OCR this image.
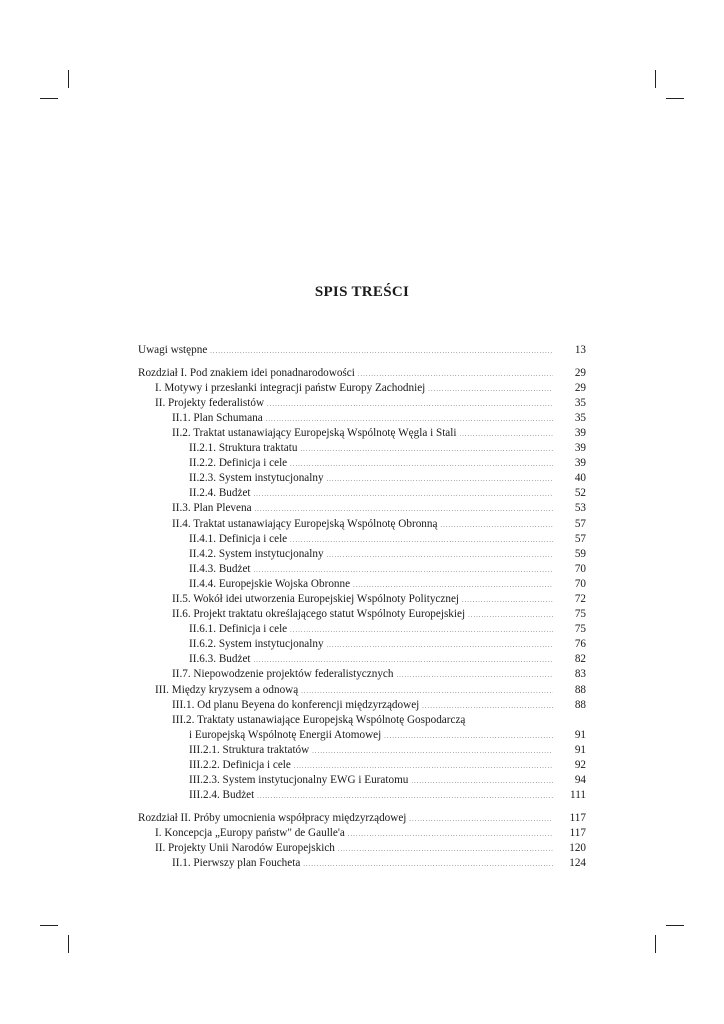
SPIS TREŚCI
Uwagi wstępne .....	13
Rozdział I. Pod znakiem idei ponadnarodowości .....	29
I. Motywy i przesłanki integracji państw Europy Zachodniej .....	29
II. Projekty federalistów .....	35
II.1. Plan Schumana .....	35
II.2. Traktat ustanawiający Europejską Wspólnotę Węgla i Stali .....	39
II.2.1. Struktura traktatu .....	39
II.2.2. Definicja i cele .....	39
II.2.3. System instytucjonalny .....	40
II.2.4. Budżet .....	52
II.3. Plan Plevena .....	53
II.4. Traktat ustanawiający Europejską Wspólnotę Obronną .....	57
II.4.1. Definicja i cele .....	57
II.4.2. System instytucjonalny .....	59
II.4.3. Budżet .....	70
II.4.4. Europejskie Wojska Obronne .....	70
II.5. Wokół idei utworzenia Europejskiej Wspólnoty Politycznej .....	72
II.6. Projekt traktatu określającego statut Wspólnoty Europejskiej .....	75
II.6.1. Definicja i cele .....	75
II.6.2. System instytucjonalny .....	76
II.6.3. Budżet .....	82
II.7. Niepowodzenie projektów federalistycznych .....	83
III. Między kryzysem a odnową .....	88
III.1. Od planu Beyena do konferencji międzyrządowej .....	88
III.2. Traktaty ustanawiające Europejską Wspólnotę Gospodarczą
i Europejską Wspólnotę Energii Atomowej .....	91
III.2.1. Struktura traktatów .....	91
III.2.2. Definicja i cele .....	92
III.2.3. System instytucjonalny EWG i Euratomu .....	94
III.2.4. Budżet .....	111
Rozdział II. Próby umocnienia współpracy międzyrządowej .....	117
I. Koncepcja „Europy państw" de Gaulle'a .....	117
II. Projekty Unii Narodów Europejskich .....	120
II.1. Pierwszy plan Foucheta .....	124
